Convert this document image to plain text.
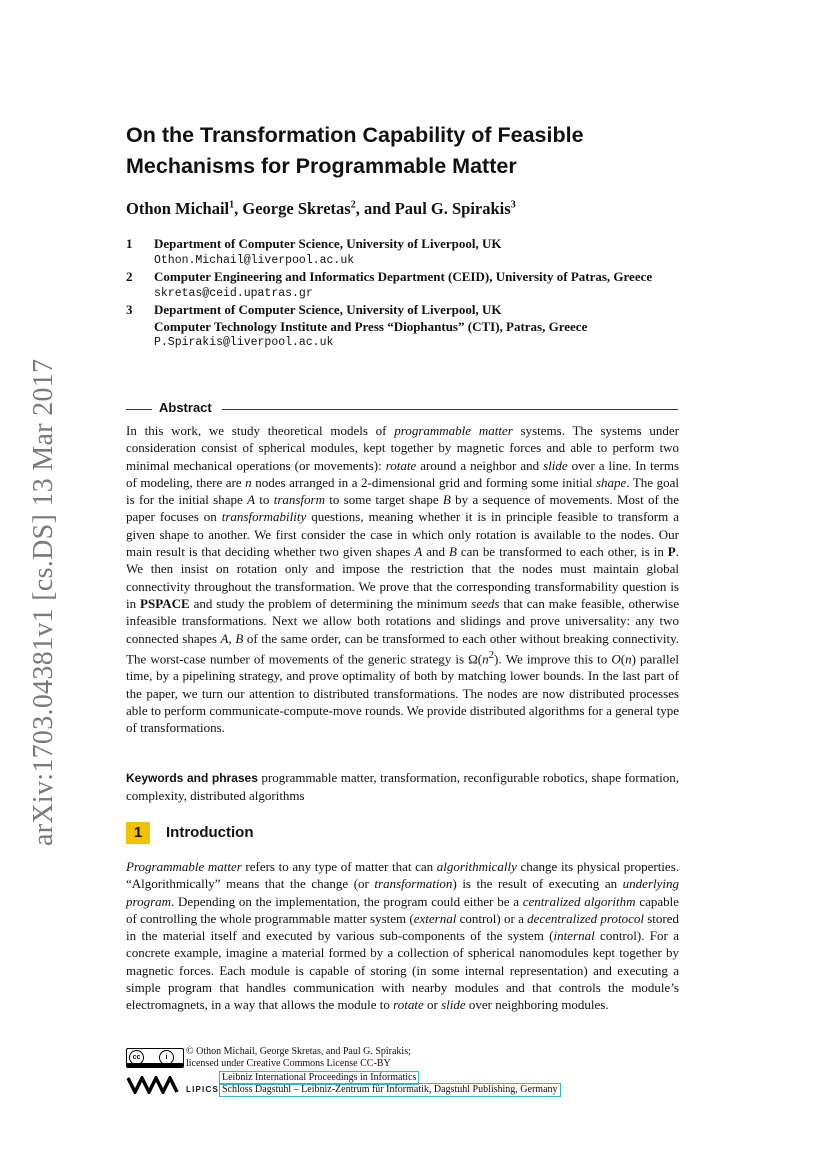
arXiv:1703.04381v1 [cs.DS] 13 Mar 2017
On the Transformation Capability of Feasible Mechanisms for Programmable Matter
Othon Michail$^1$, George Skretas$^2$, and Paul G. Spirakis$^3$
1 Department of Computer Science, University of Liverpool, UK
Othon.Michail@liverpool.ac.uk
2 Computer Engineering and Informatics Department (CEID), University of Patras, Greece
skretas@ceid.upatras.gr
3 Department of Computer Science, University of Liverpool, UK
Computer Technology Institute and Press “Diophantus” (CTI), Patras, Greece
P.Spirakis@liverpool.ac.uk
Abstract

In this work, we study theoretical models of programmable matter systems. The systems under consideration consist of spherical modules, kept together by magnetic forces and able to perform two minimal mechanical operations (or movements): rotate around a neighbor and slide over a line. In terms of modeling, there are n nodes arranged in a 2-dimensional grid and forming some initial shape. The goal is for the initial shape A to transform to some target shape B by a sequence of movements. Most of the paper focuses on transformability questions, meaning whether it is in principle feasible to transform a given shape to another. We first consider the case in which only rotation is available to the nodes. Our main result is that deciding whether two given shapes A and B can be transformed to each other, is in P. We then insist on rotation only and impose the restriction that the nodes must maintain global connectivity throughout the transformation. We prove that the corresponding transformability question is in PSPACE and study the problem of determining the minimum seeds that can make feasible, otherwise infeasible transformations. Next we allow both rotations and slidings and prove universality: any two connected shapes A, B of the same order, can be transformed to each other without breaking connectivity. The worst-case number of movements of the generic strategy is $\Omega(n^2)$. We improve this to O(n) parallel time, by a pipelining strategy, and prove optimality of both by matching lower bounds. In the last part of the paper, we turn our attention to distributed transformations. The nodes are now distributed processes able to perform communicate-compute-move rounds. We provide distributed algorithms for a general type of transformations.

Keywords and phrases programmable matter, transformation, reconfigurable robotics, shape formation, complexity, distributed algorithms

1	Introduction

Programmable matter refers to any type of matter that can algorithmically change its physical properties. “Algorithmically” means that the change (or transformation) is the result of executing an underlying program. Depending on the implementation, the program could either be a centralized algorithm capable of controlling the whole programmable matter system (external control) or a decentralized protocol stored in the material itself and executed by various sub-components of the system (internal control). For a concrete example, imagine a material formed by a collection of spherical nanomodules kept together by magnetic forces. Each module is capable of storing (in some internal representation) and executing a simple program that handles communication with nearby modules and that controls the module’s electromagnets, in a way that allows the module to rotate or slide over neighboring modules.

cc	i
© Othon Michail, George Skretas, and Paul G. Spirakis;
licensed under Creative Commons License CC-BY
LIPICS
Leibniz International Proceedings in Informatics
Schloss Dagstuhl – Leibniz-Zentrum für Informatik, Dagstuhl Publishing, Germany
